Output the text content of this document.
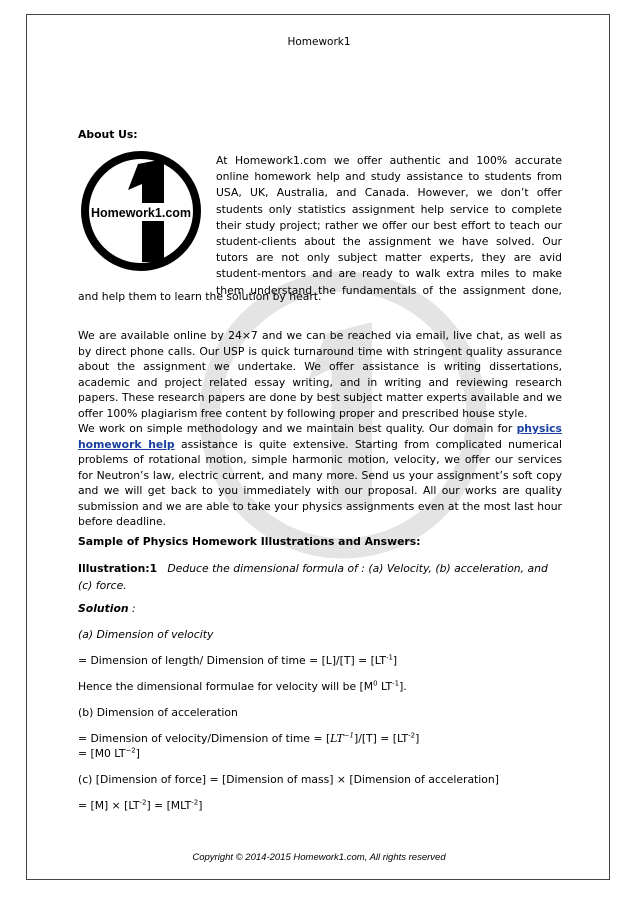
Homework1
About Us:
Homework1.com
At Homework1.com we offer authentic and 100% accurate online homework help and study assistance to students from USA, UK, Australia, and Canada. However, we don’t offer students only statistics assignment help service to complete their study project; rather we offer our best effort to teach our student-clients about the assignment we have solved. Our tutors are not only subject matter experts, they are avid student-mentors and are ready to walk extra miles to make them understand the fundamentals of the assignment done,
and help them to learn the solution by heart.
We are available online by 24×7 and we can be reached via email, live chat, as well as by direct phone calls. Our USP is quick turnaround time with stringent quality assurance about the assignment we undertake. We offer assistance is writing dissertations, academic and project related essay writing, and in writing and reviewing research papers. These research papers are done by best subject matter experts available and we offer 100% plagiarism free content by following proper and prescribed house style.
We work on simple methodology and we maintain best quality. Our domain for physics homework help assistance is quite extensive. Starting from complicated numerical problems of rotational motion, simple harmonic motion, velocity, we offer our services for Neutron’s law, electric current, and many more. Send us your assignment’s soft copy and we will get back to you immediately with our proposal. All our works are quality submission and we are able to take your physics assignments even at the most last hour before deadline.
Sample of Physics Homework Illustrations and Answers:
Illustration:1 Deduce the dimensional formula of : (a) Velocity, (b) acceleration, and (c) force.
Solution :
(a) Dimension of velocity
= Dimension of length/ Dimension of time = $[L]/[T] = [LT^{-1}]$
Hence the dimensional formulae for velocity will be [$M^0$ $LT^{-1}$].
(b) Dimension of acceleration
= Dimension of velocity/Dimension of time = $[LT^{-1}]/[T] = [LT^{-2}]$
= [M0 $LT^{-2}$]
(c) [Dimension of force] = [Dimension of mass] × [Dimension of acceleration]
= $[M] \times [LT^{-2}] = [MLT^{-2}]$
Copyright © 2014-2015 Homework1.com, All rights reserved
